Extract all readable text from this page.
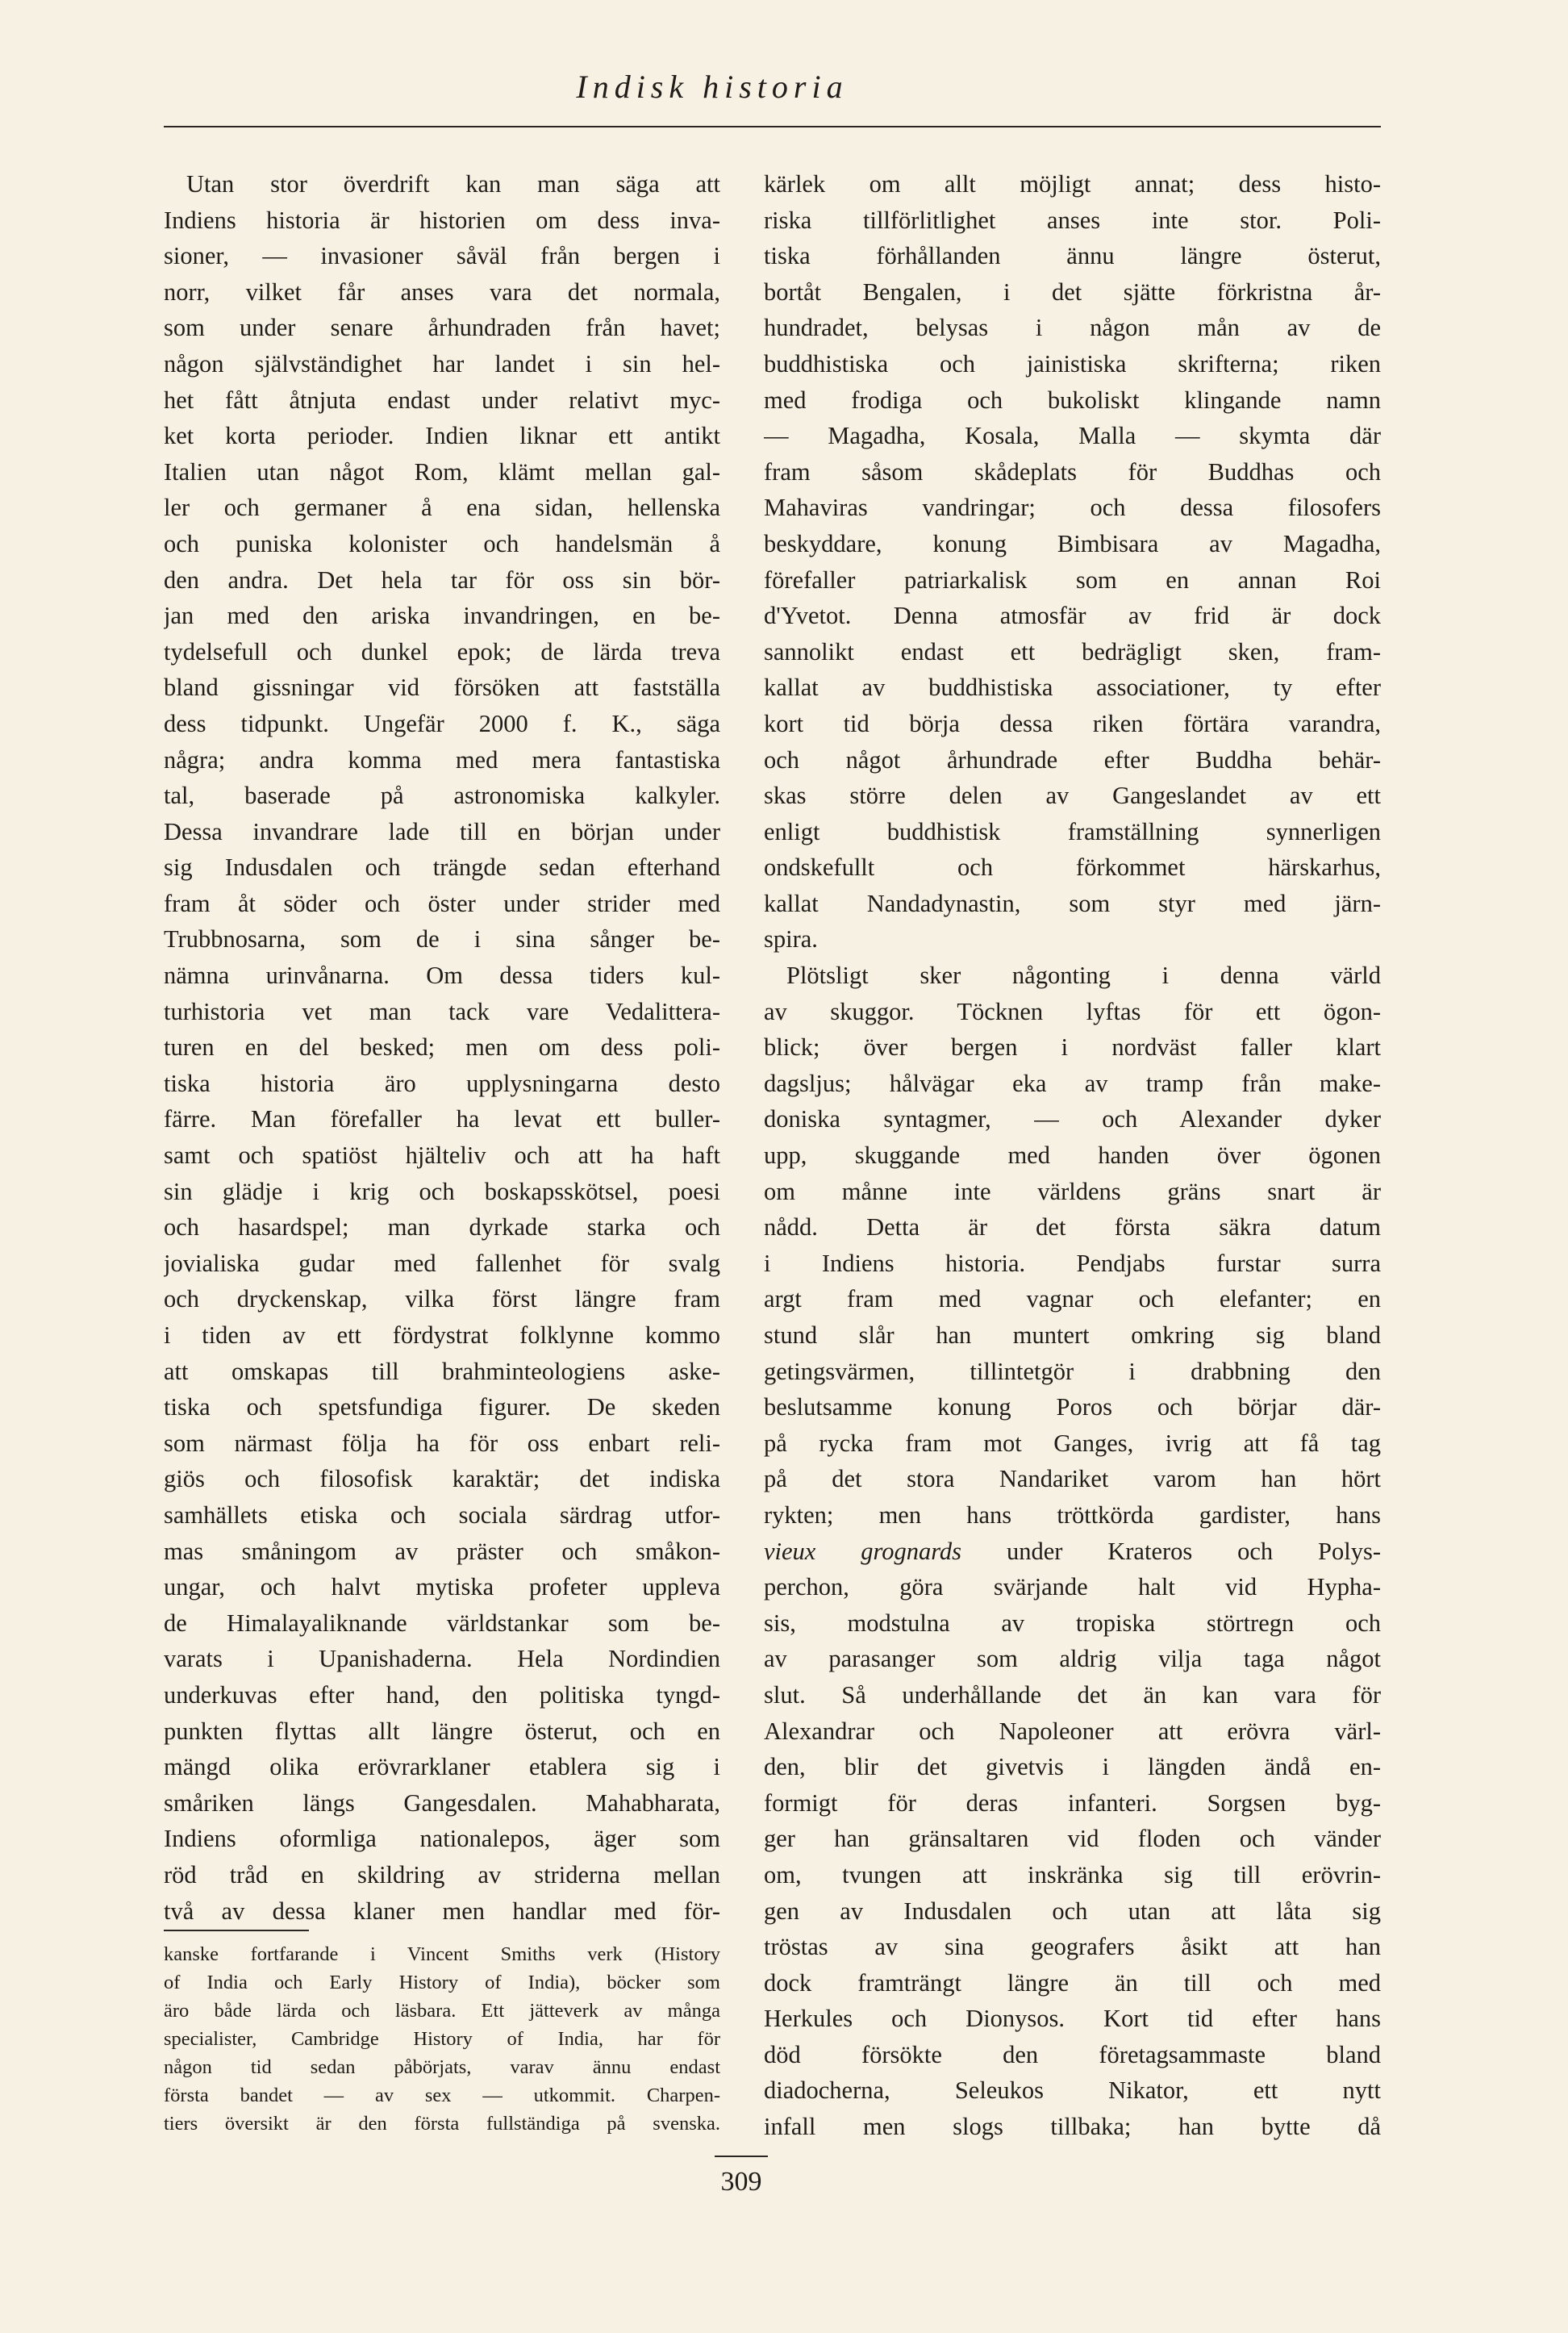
Indisk historia
Utan stor överdrift kan man säga att
Indiens historia är historien om dess inva-
sioner, — invasioner såväl från bergen i
norr, vilket får anses vara det normala,
som under senare århundraden från havet;
någon självständighet har landet i sin hel-
het fått åtnjuta endast under relativt myc-
ket korta perioder. Indien liknar ett antikt
Italien utan något Rom, klämt mellan gal-
ler och germaner å ena sidan, hellenska
och puniska kolonister och handelsmän å
den andra. Det hela tar för oss sin bör-
jan med den ariska invandringen, en be-
tydelsefull och dunkel epok; de lärda treva
bland gissningar vid försöken att fastställa
dess tidpunkt. Ungefär 2000 f. K., säga
några; andra komma med mera fantastiska
tal, baserade på astronomiska kalkyler.
Dessa invandrare lade till en början under
sig Indusdalen och trängde sedan efterhand
fram åt söder och öster under strider med
Trubbnosarna, som de i sina sånger be-
nämna urinvånarna. Om dessa tiders kul-
turhistoria vet man tack vare Vedalittera-
turen en del besked; men om dess poli-
tiska historia äro upplysningarna desto
färre. Man förefaller ha levat ett buller-
samt och spatiöst hjälteliv och att ha haft
sin glädje i krig och boskapsskötsel, poesi
och hasardspel; man dyrkade starka och
jovialiska gudar med fallenhet för svalg
och dryckenskap, vilka först längre fram
i tiden av ett fördystrat folklynne kommo
att omskapas till brahminteologiens aske-
tiska och spetsfundiga figurer. De skeden
som närmast följa ha för oss enbart reli-
giös och filosofisk karaktär; det indiska
samhällets etiska och sociala särdrag utfor-
mas småningom av präster och småkon-
ungar, och halvt mytiska profeter uppleva
de Himalayaliknande världstankar som be-
varats i Upanishaderna. Hela Nordindien
underkuvas efter hand, den politiska tyngd-
punkten flyttas allt längre österut, och en
mängd olika erövrarklaner etablera sig i
småriken längs Gangesdalen. Mahabharata,
Indiens oformliga nationalepos, äger som
röd tråd en skildring av striderna mellan
två av dessa klaner men handlar med för-
kärlek om allt möjligt annat; dess histo-
riska tillförlitlighet anses inte stor. Poli-
tiska förhållanden ännu längre österut,
bortåt Bengalen, i det sjätte förkristna år-
hundradet, belysas i någon mån av de
buddhistiska och jainistiska skrifterna; riken
med frodiga och bukoliskt klingande namn
— Magadha, Kosala, Malla — skymta där
fram såsom skådeplats för Buddhas och
Mahaviras vandringar; och dessa filosofers
beskyddare, konung Bimbisara av Magadha,
förefaller patriarkalisk som en annan Roi
d'Yvetot. Denna atmosfär av frid är dock
sannolikt endast ett bedrägligt sken, fram-
kallat av buddhistiska associationer, ty efter
kort tid börja dessa riken förtära varandra,
och något århundrade efter Buddha behär-
skas större delen av Gangeslandet av ett
enligt buddhistisk framställning synnerligen
ondskefullt och förkommet härskarhus,
kallat Nandadynastin, som styr med järn-
spira.
Plötsligt sker någonting i denna värld
av skuggor. Töcknen lyftas för ett ögon-
blick; över bergen i nordväst faller klart
dagsljus; hålvägar eka av tramp från make-
doniska syntagmer, — och Alexander dyker
upp, skuggande med handen över ögonen
om månne inte världens gräns snart är
nådd. Detta är det första säkra datum
i Indiens historia. Pendjabs furstar surra
argt fram med vagnar och elefanter; en
stund slår han muntert omkring sig bland
getingsvärmen, tillintetgör i drabbning den
beslutsamme konung Poros och börjar där-
på rycka fram mot Ganges, ivrig att få tag
på det stora Nandariket varom han hört
rykten; men hans tröttkörda gardister, hans
vieux grognards under Krateros och Polys-
perchon, göra svärjande halt vid Hypha-
sis, modstulna av tropiska störtregn och
av parasanger som aldrig vilja taga något
slut. Så underhållande det än kan vara för
Alexandrar och Napoleoner att erövra värl-
den, blir det givetvis i längden ändå en-
formigt för deras infanteri. Sorgsen byg-
ger han gränsaltaren vid floden och vänder
om, tvungen att inskränka sig till erövrin-
gen av Indusdalen och utan att låta sig
tröstas av sina geografers åsikt att han
dock framträngt längre än till och med
Herkules och Dionysos. Kort tid efter hans
död försökte den företagsammaste bland
diadocherna, Seleukos Nikator, ett nytt
infall men slogs tillbaka; han bytte då
kanske fortfarande i Vincent Smiths verk (History
of India och Early History of India), böcker som
äro både lärda och läsbara. Ett jätteverk av många
specialister, Cambridge History of India, har för
någon tid sedan påbörjats, varav ännu endast
första bandet — av sex — utkommit. Charpen-
tiers översikt är den första fullständiga på svenska.
309
